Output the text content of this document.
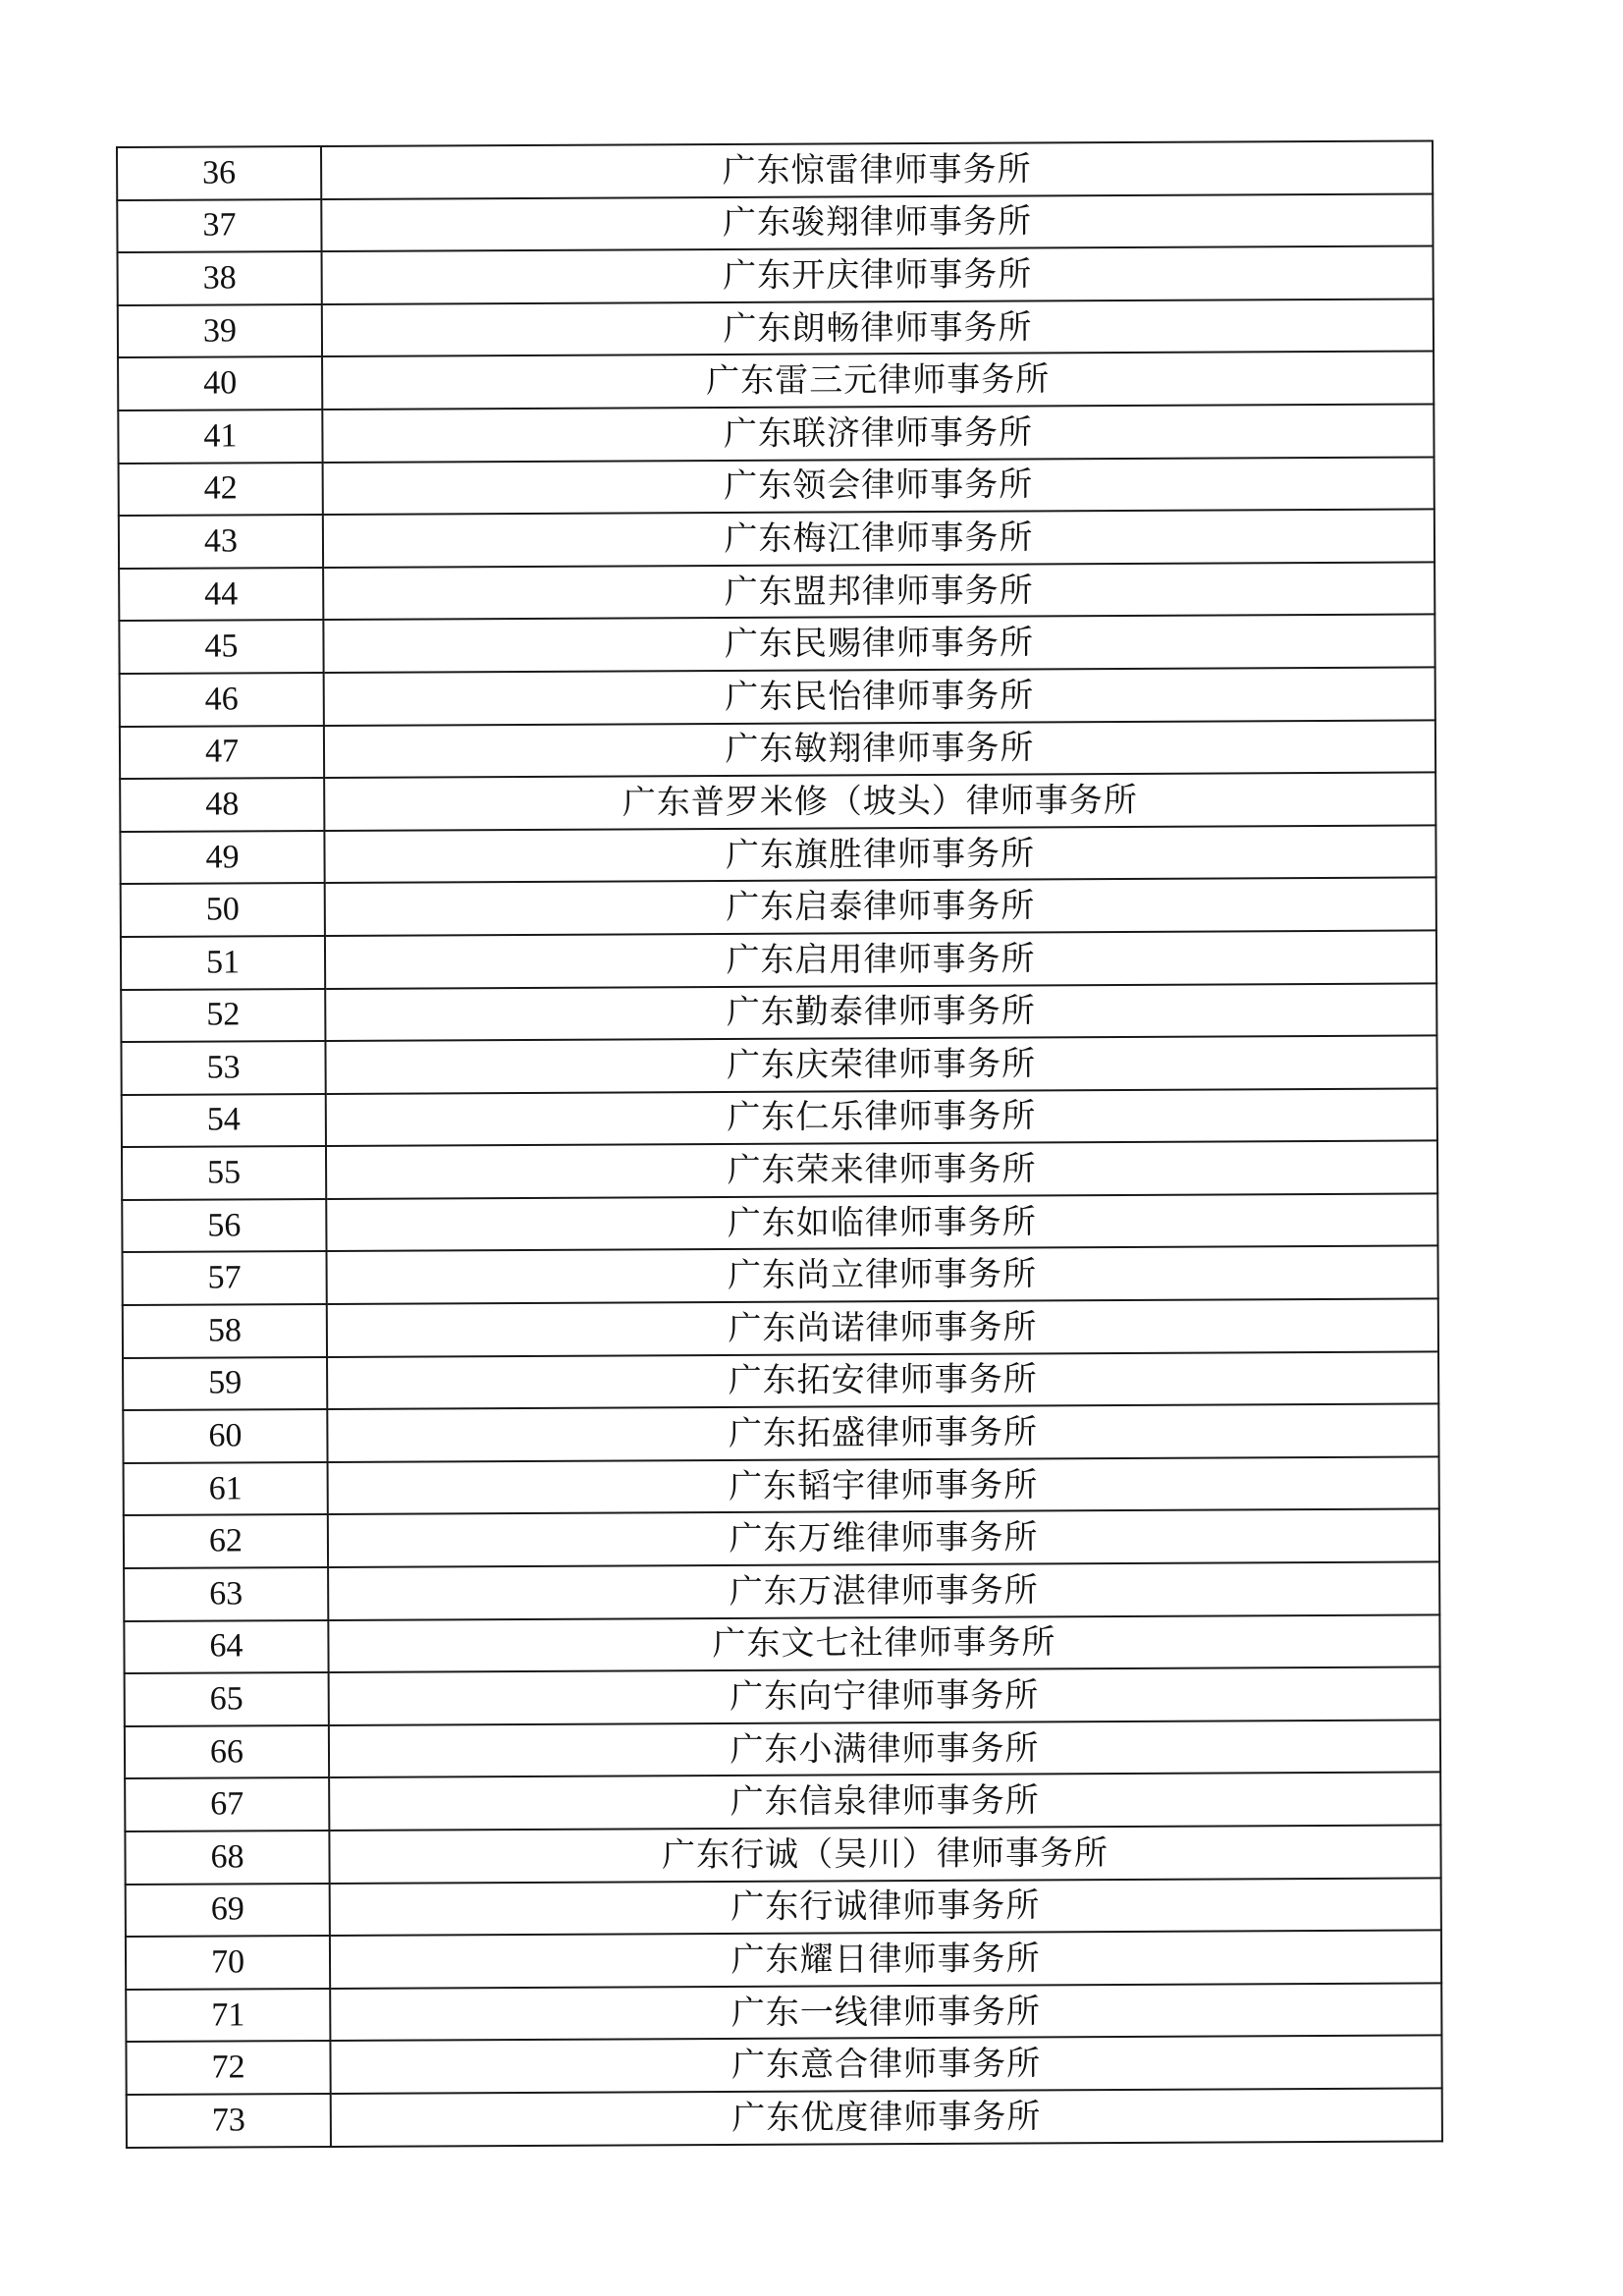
36	广东惊雷律师事务所
37	广东骏翔律师事务所
38	广东开庆律师事务所
39	广东朗畅律师事务所
40	广东雷三元律师事务所
41	广东联济律师事务所
42	广东领会律师事务所
43	广东梅江律师事务所
44	广东盟邦律师事务所
45	广东民赐律师事务所
46	广东民怡律师事务所
47	广东敏翔律师事务所
48	广东普罗米修（坡头）律师事务所
49	广东旗胜律师事务所
50	广东启泰律师事务所
51	广东启用律师事务所
52	广东勤泰律师事务所
53	广东庆荣律师事务所
54	广东仁乐律师事务所
55	广东荣来律师事务所
56	广东如临律师事务所
57	广东尚立律师事务所
58	广东尚诺律师事务所
59	广东拓安律师事务所
60	广东拓盛律师事务所
61	广东韬宇律师事务所
62	广东万维律师事务所
63	广东万湛律师事务所
64	广东文七社律师事务所
65	广东向宁律师事务所
66	广东小满律师事务所
67	广东信泉律师事务所
68	广东行诚（吴川）律师事务所
69	广东行诚律师事务所
70	广东耀日律师事务所
71	广东一线律师事务所
72	广东意合律师事务所
73	广东优度律师事务所
